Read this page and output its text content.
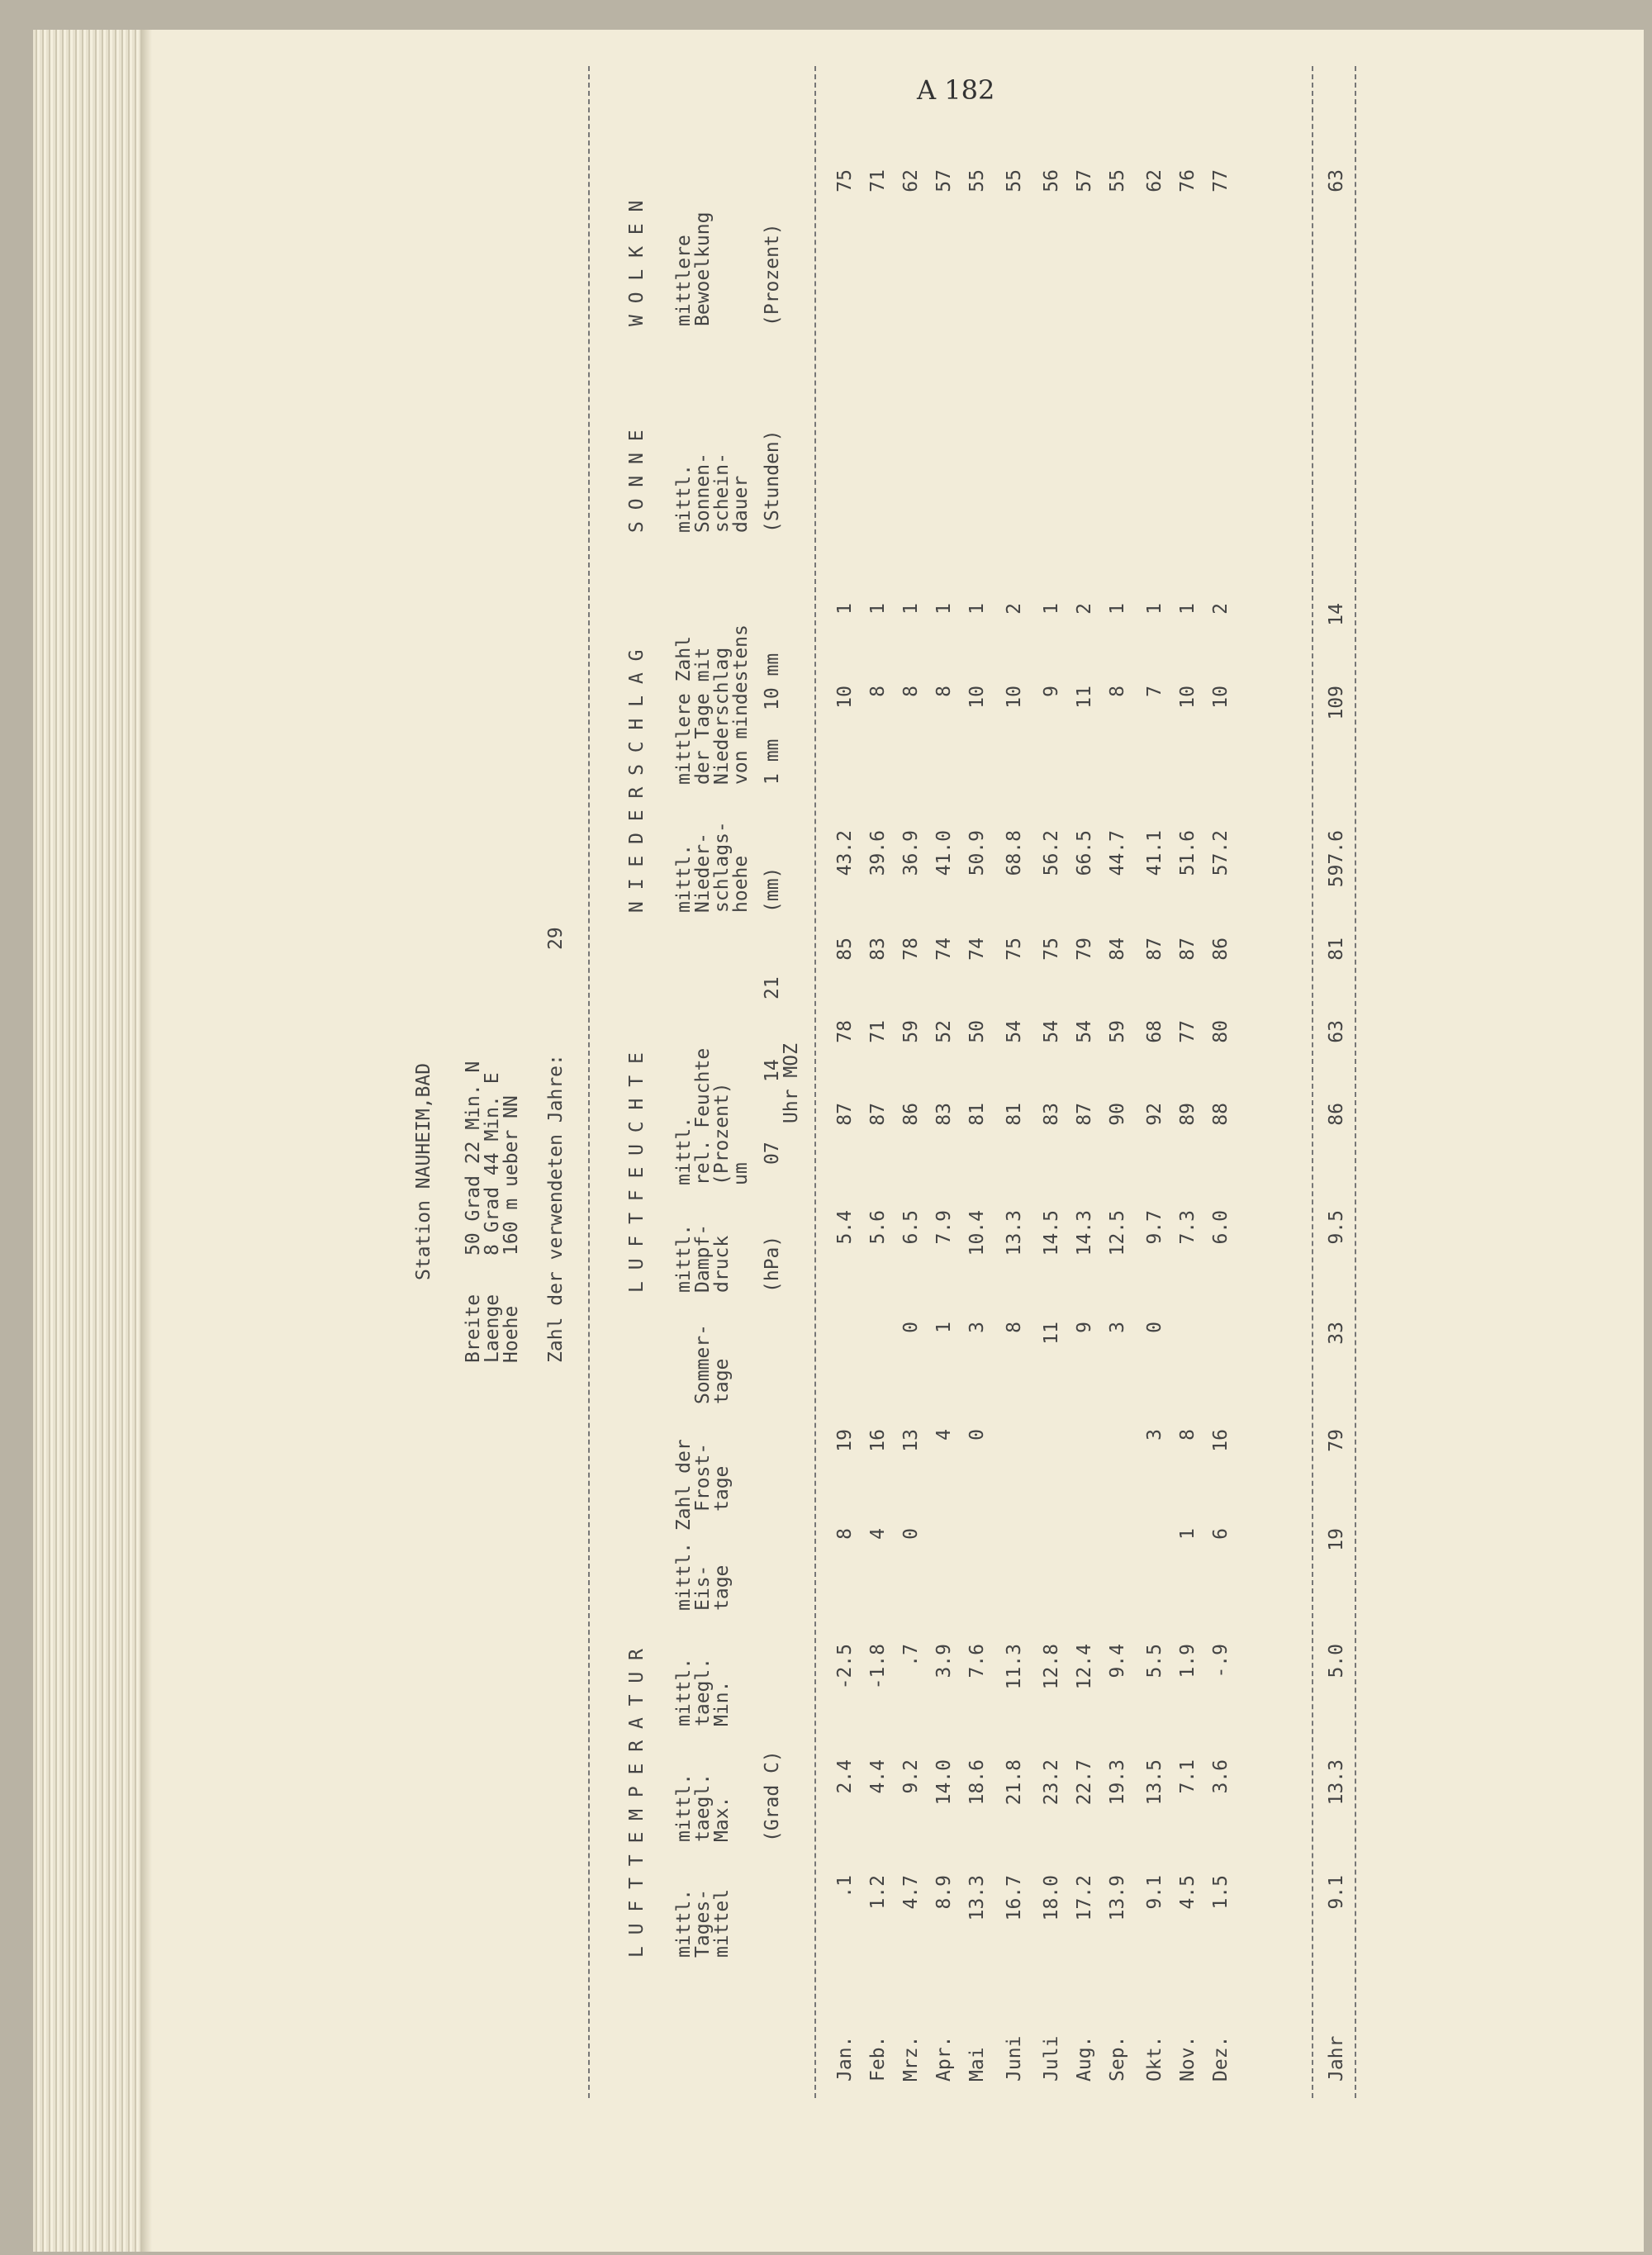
A 182
Station NAUHEIM,BAD
Breite
50 Grad 22 Min. N
Laenge
8 Grad 44 Min. E
Hoehe
160 m ueber NN Zahl der verwendeten Jahre:
29
L U F T T E M P E R A T U R
L U F T F E U C H T E
N I E D E R S C H L A G
S O N N E
W O L K E N
mittl.
Tages-
mittel
mittl.
taegl.
Max. (Grad C)
mittl.
taegl.
Min.
mittl. Zahl der
Eis-
tage
Frost-
tage
Sommer-
tage
mittl.
Dampf-
druck (hPa)
mittl.
rel. Feuchte
(Prozent)
um
07
14
21
Uhr MOZ
mittl.
Nieder-
schlags-
hoehe (mm)
mittlere Zahl
der Tage mit
Niederschlag
von mindestens 1 mm
10 mm
mittl.
Sonnen-
schein-
dauer (Stunden)
mittlere
Bewoelkung	(Prozent)
Jan.
.1
2.4
-2.5
8
19
5.4
87
78
85
43.2
10
1
75
Feb.
1.2
4.4
-1.8
4
16
5.6
87
71
83
39.6
8
1
71
Mrz.
4.7
9.2
.7
0
13
0
6.5
86
59
78
36.9
8
1
62
Apr.
8.9
14.0
3.9
4
1
7.9
83
52
74
41.0
8
1
57
Mai
13.3
18.6
7.6
0
3
10.4
81
50
74
50.9
10
1
55
Juni
16.7
21.8
11.3
8
13.3
81
54
75
68.8
10
2
55
Juli
18.0
23.2
12.8
11
14.5
83
54
75
56.2
9
1
56
Aug.
17.2
22.7
12.4
9
14.3
87
54
79
66.5
11
2
57
Sep.
13.9
19.3
9.4
3
12.5
90
59
84
44.7
8
1
55
Okt.
9.1
13.5
5.5
3
0
9.7
92
68
87
41.1
7
1
62
Nov.
4.5
7.1
1.9
1
8
7.3
89
77
87
51.6
10
1
76
Dez.
1.5
3.6
-.9
6
16
6.0
88
80
86
57.2
10
2
77
Jahr
9.1
13.3
5.0
19
79
33
9.5
86
63
81
597.6
109
14
63
